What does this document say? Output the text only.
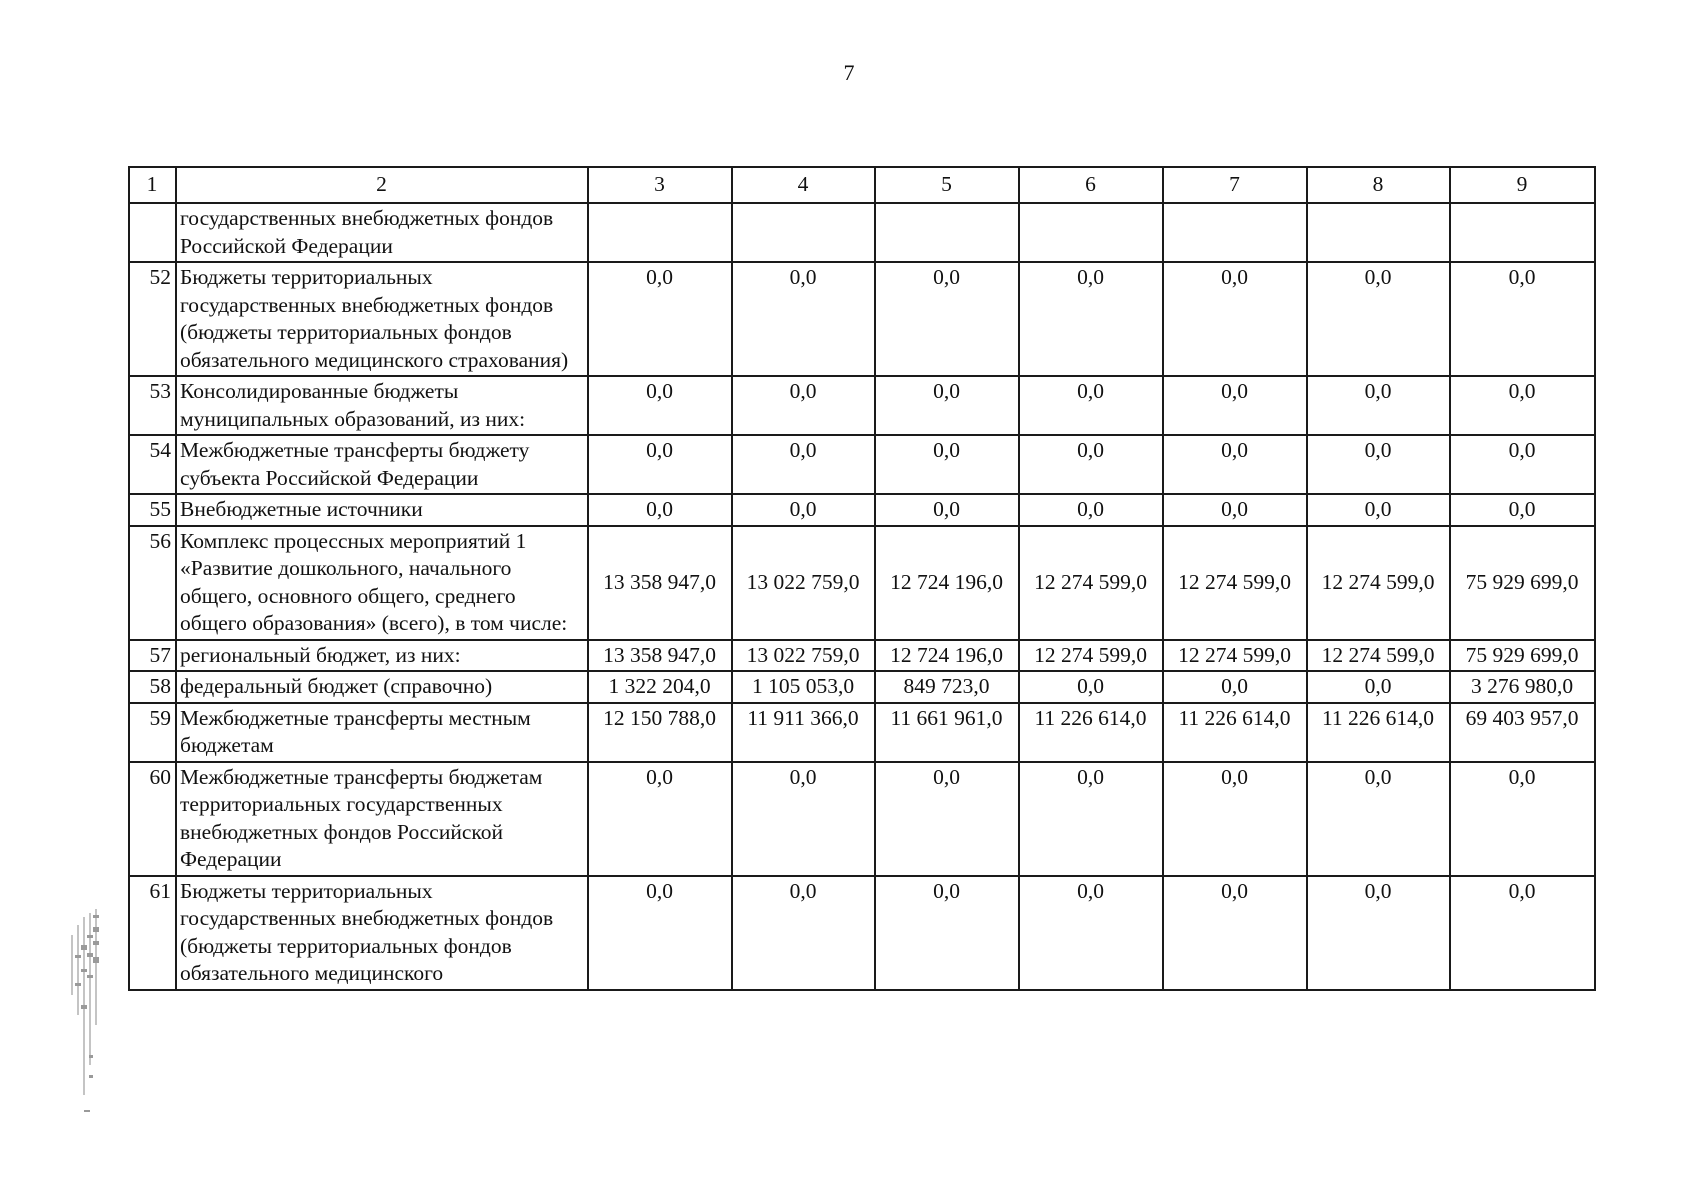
7
1	2	3	4	5	6	7	8	9
	государственных внебюджетных фондов Российской Федерации							
52	Бюджеты территориальных государственных внебюджетных фондов (бюджеты территориальных фондов обязательного медицинского страхования)	0,0	0,0	0,0	0,0	0,0	0,0	0,0
53	Консолидированные бюджеты муниципальных образований, из них:	0,0	0,0	0,0	0,0	0,0	0,0	0,0
54	Межбюджетные трансферты бюджету субъекта Российской Федерации	0,0	0,0	0,0	0,0	0,0	0,0	0,0
55	Внебюджетные источники	0,0	0,0	0,0	0,0	0,0	0,0	0,0
56	Комплекс процессных мероприятий 1 «Развитие дошкольного, начального общего, основного общего, среднего общего образования» (всего), в том числе:	13 358 947,0	13 022 759,0	12 724 196,0	12 274 599,0	12 274 599,0	12 274 599,0	75 929 699,0
57	региональный бюджет, из них:	13 358 947,0	13 022 759,0	12 724 196,0	12 274 599,0	12 274 599,0	12 274 599,0	75 929 699,0
58	федеральный бюджет (справочно)	1 322 204,0	1 105 053,0	849 723,0	0,0	0,0	0,0	3 276 980,0
59	Межбюджетные трансферты местным бюджетам	12 150 788,0	11 911 366,0	11 661 961,0	11 226 614,0	11 226 614,0	11 226 614,0	69 403 957,0
60	Межбюджетные трансферты бюджетам территориальных государственных внебюджетных фондов Российской Федерации	0,0	0,0	0,0	0,0	0,0	0,0	0,0
61	Бюджеты территориальных государственных внебюджетных фондов (бюджеты территориальных фондов обязательного медицинского	0,0	0,0	0,0	0,0	0,0	0,0	0,0
